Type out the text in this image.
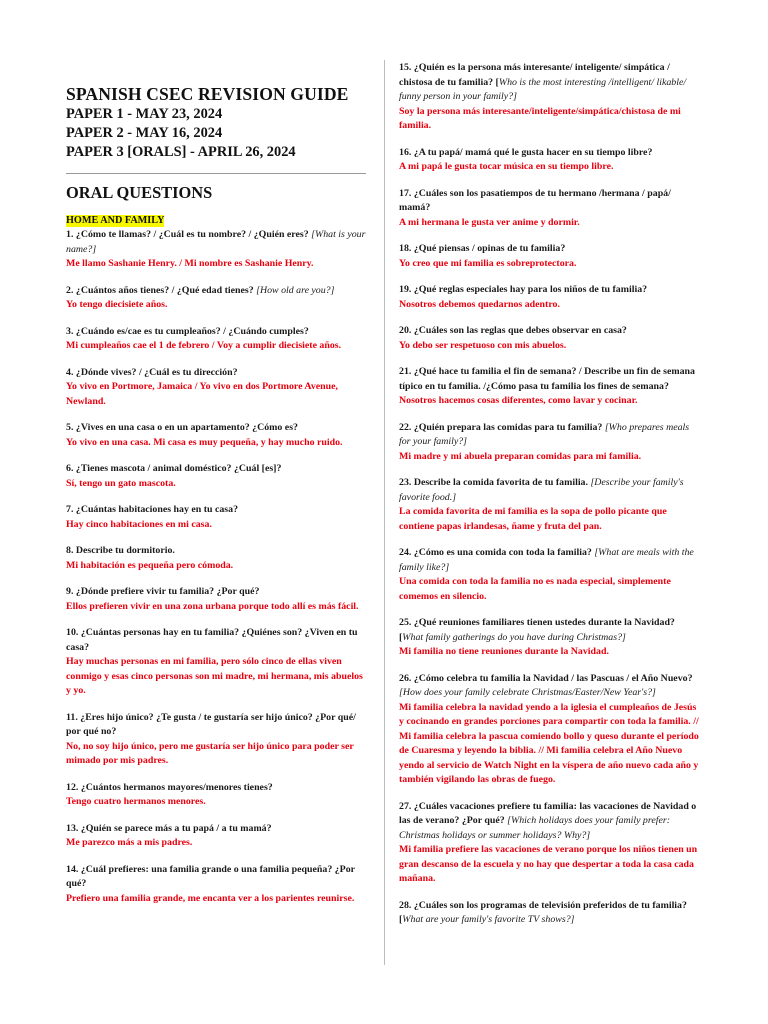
SPANISH CSEC REVISION GUIDE

PAPER 1 - MAY 23, 2024

PAPER 2 - MAY 16, 2024

PAPER 3 [ORALS] - APRIL 26, 2024

ORAL QUESTIONS
HOME AND FAMILY
1. ¿Cómo te llamas? / ¿Cuál es tu nombre? / ¿Quién eres? [What is your name?]
Me llamo Sashanie Henry. / Mi nombre es Sashanie Henry.
2. ¿Cuántos años tienes? / ¿Qué edad tienes? [How old are you?]
Yo tengo diecisiete años.
3. ¿Cuándo es/cae es tu cumpleaños? / ¿Cuándo cumples?
Mi cumpleaños cae el 1 de febrero / Voy a cumplir diecisiete años.
4. ¿Dónde vives? / ¿Cuál es tu dirección?
Yo vivo en Portmore, Jamaica / Yo vivo en dos Portmore Avenue, Newland.
5. ¿Vives en una casa o en un apartamento? ¿Cómo es?
Yo vivo en una casa. Mi casa es muy pequeña, y hay mucho ruido.
6. ¿Tienes mascota / animal doméstico? ¿Cuál [es]?
Sí, tengo un gato mascota.
7. ¿Cuántas habitaciones hay en tu casa?
Hay cinco habitaciones en mi casa.
8. Describe tu dormitorio.
Mi habitación es pequeña pero cómoda.
9. ¿Dónde prefiere vivir tu familia? ¿Por qué?
Ellos prefieren vivir en una zona urbana porque todo allí es más fácil.
10. ¿Cuántas personas hay en tu familia? ¿Quiénes son? ¿Viven en tu casa?
Hay muchas personas en mi familia, pero sólo cinco de ellas viven conmigo y esas cinco personas son mi madre, mi hermana, mis abuelos y yo.
11. ¿Eres hijo único? ¿Te gusta / te gustaría ser hijo único? ¿Por qué/ por qué no?
No, no soy hijo único, pero me gustaría ser hijo único para poder ser mimado por mis padres.
12. ¿Cuántos hermanos mayores/menores tienes?
Tengo cuatro hermanos menores.
13. ¿Quién se parece más a tu papá / a tu mamá?
Me parezco más a mis padres.
14. ¿Cuál prefieres: una familia grande o una familia pequeña? ¿Por qué?
Prefiero una familia grande, me encanta ver a los parientes reunirse.
15. ¿Quién es la persona más interesante/ inteligente/ simpática / chistosa de tu familia? [Who is the most interesting /intelligent/ likable/ funny person in your family?]
Soy la persona más interesante/inteligente/simpática/chistosa de mi familia.
16. ¿A tu papá/ mamá qué le gusta hacer en su tiempo libre?
A mi papá le gusta tocar música en su tiempo libre.
17. ¿Cuáles son los pasatiempos de tu hermano /hermana / papá/ mamá?
A mi hermana le gusta ver anime y dormir.
18. ¿Qué piensas / opinas de tu familia?
Yo creo que mi familia es sobreprotectora.
19. ¿Qué reglas especiales hay para los niños de tu familia?
Nosotros debemos quedarnos adentro.
20. ¿Cuáles son las reglas que debes observar en casa?
Yo debo ser respetuoso con mis abuelos.
21. ¿Qué hace tu familia el fin de semana? / Describe un fin de semana típico en tu familia. /¿Cómo pasa tu familia los fines de semana?
Nosotros hacemos cosas diferentes, como lavar y cocinar.
22. ¿Quién prepara las comidas para tu familia? [Who prepares meals for your family?]
Mi madre y mi abuela preparan comidas para mi familia.
23. Describe la comida favorita de tu familia. [Describe your family's favorite food.]
La comida favorita de mi familia es la sopa de pollo picante que contiene papas irlandesas, ñame y fruta del pan.
24. ¿Cómo es una comida con toda la familia? [What are meals with the family like?]
Una comida con toda la familia no es nada especial, simplemente comemos en silencio.
25. ¿Qué reuniones familiares tienen ustedes durante la Navidad? [What family gatherings do you have during Christmas?]
Mi familia no tiene reuniones durante la Navidad.
26. ¿Cómo celebra tu familia la Navidad / las Pascuas / el Año Nuevo? [How does your family celebrate Christmas/Easter/New Year's?]
Mi familia celebra la navidad yendo a la iglesia el cumpleaños de Jesús y cocinando en grandes porciones para compartir con toda la familia. // Mi familia celebra la pascua comiendo bollo y queso durante el período de Cuaresma y leyendo la biblia. // Mi familia celebra el Año Nuevo yendo al servicio de Watch Night en la víspera de año nuevo cada año y también vigilando las obras de fuego.
27. ¿Cuáles vacaciones prefiere tu familia: las vacaciones de Navidad o las de verano? ¿Por qué? [Which holidays does your family prefer: Christmas holidays or summer holidays? Why?]
Mi familia prefiere las vacaciones de verano porque los niños tienen un gran descanso de la escuela y no hay que despertar a toda la casa cada mañana.
28. ¿Cuáles son los programas de televisión preferidos de tu familia? [What are your family's favorite TV shows?]
